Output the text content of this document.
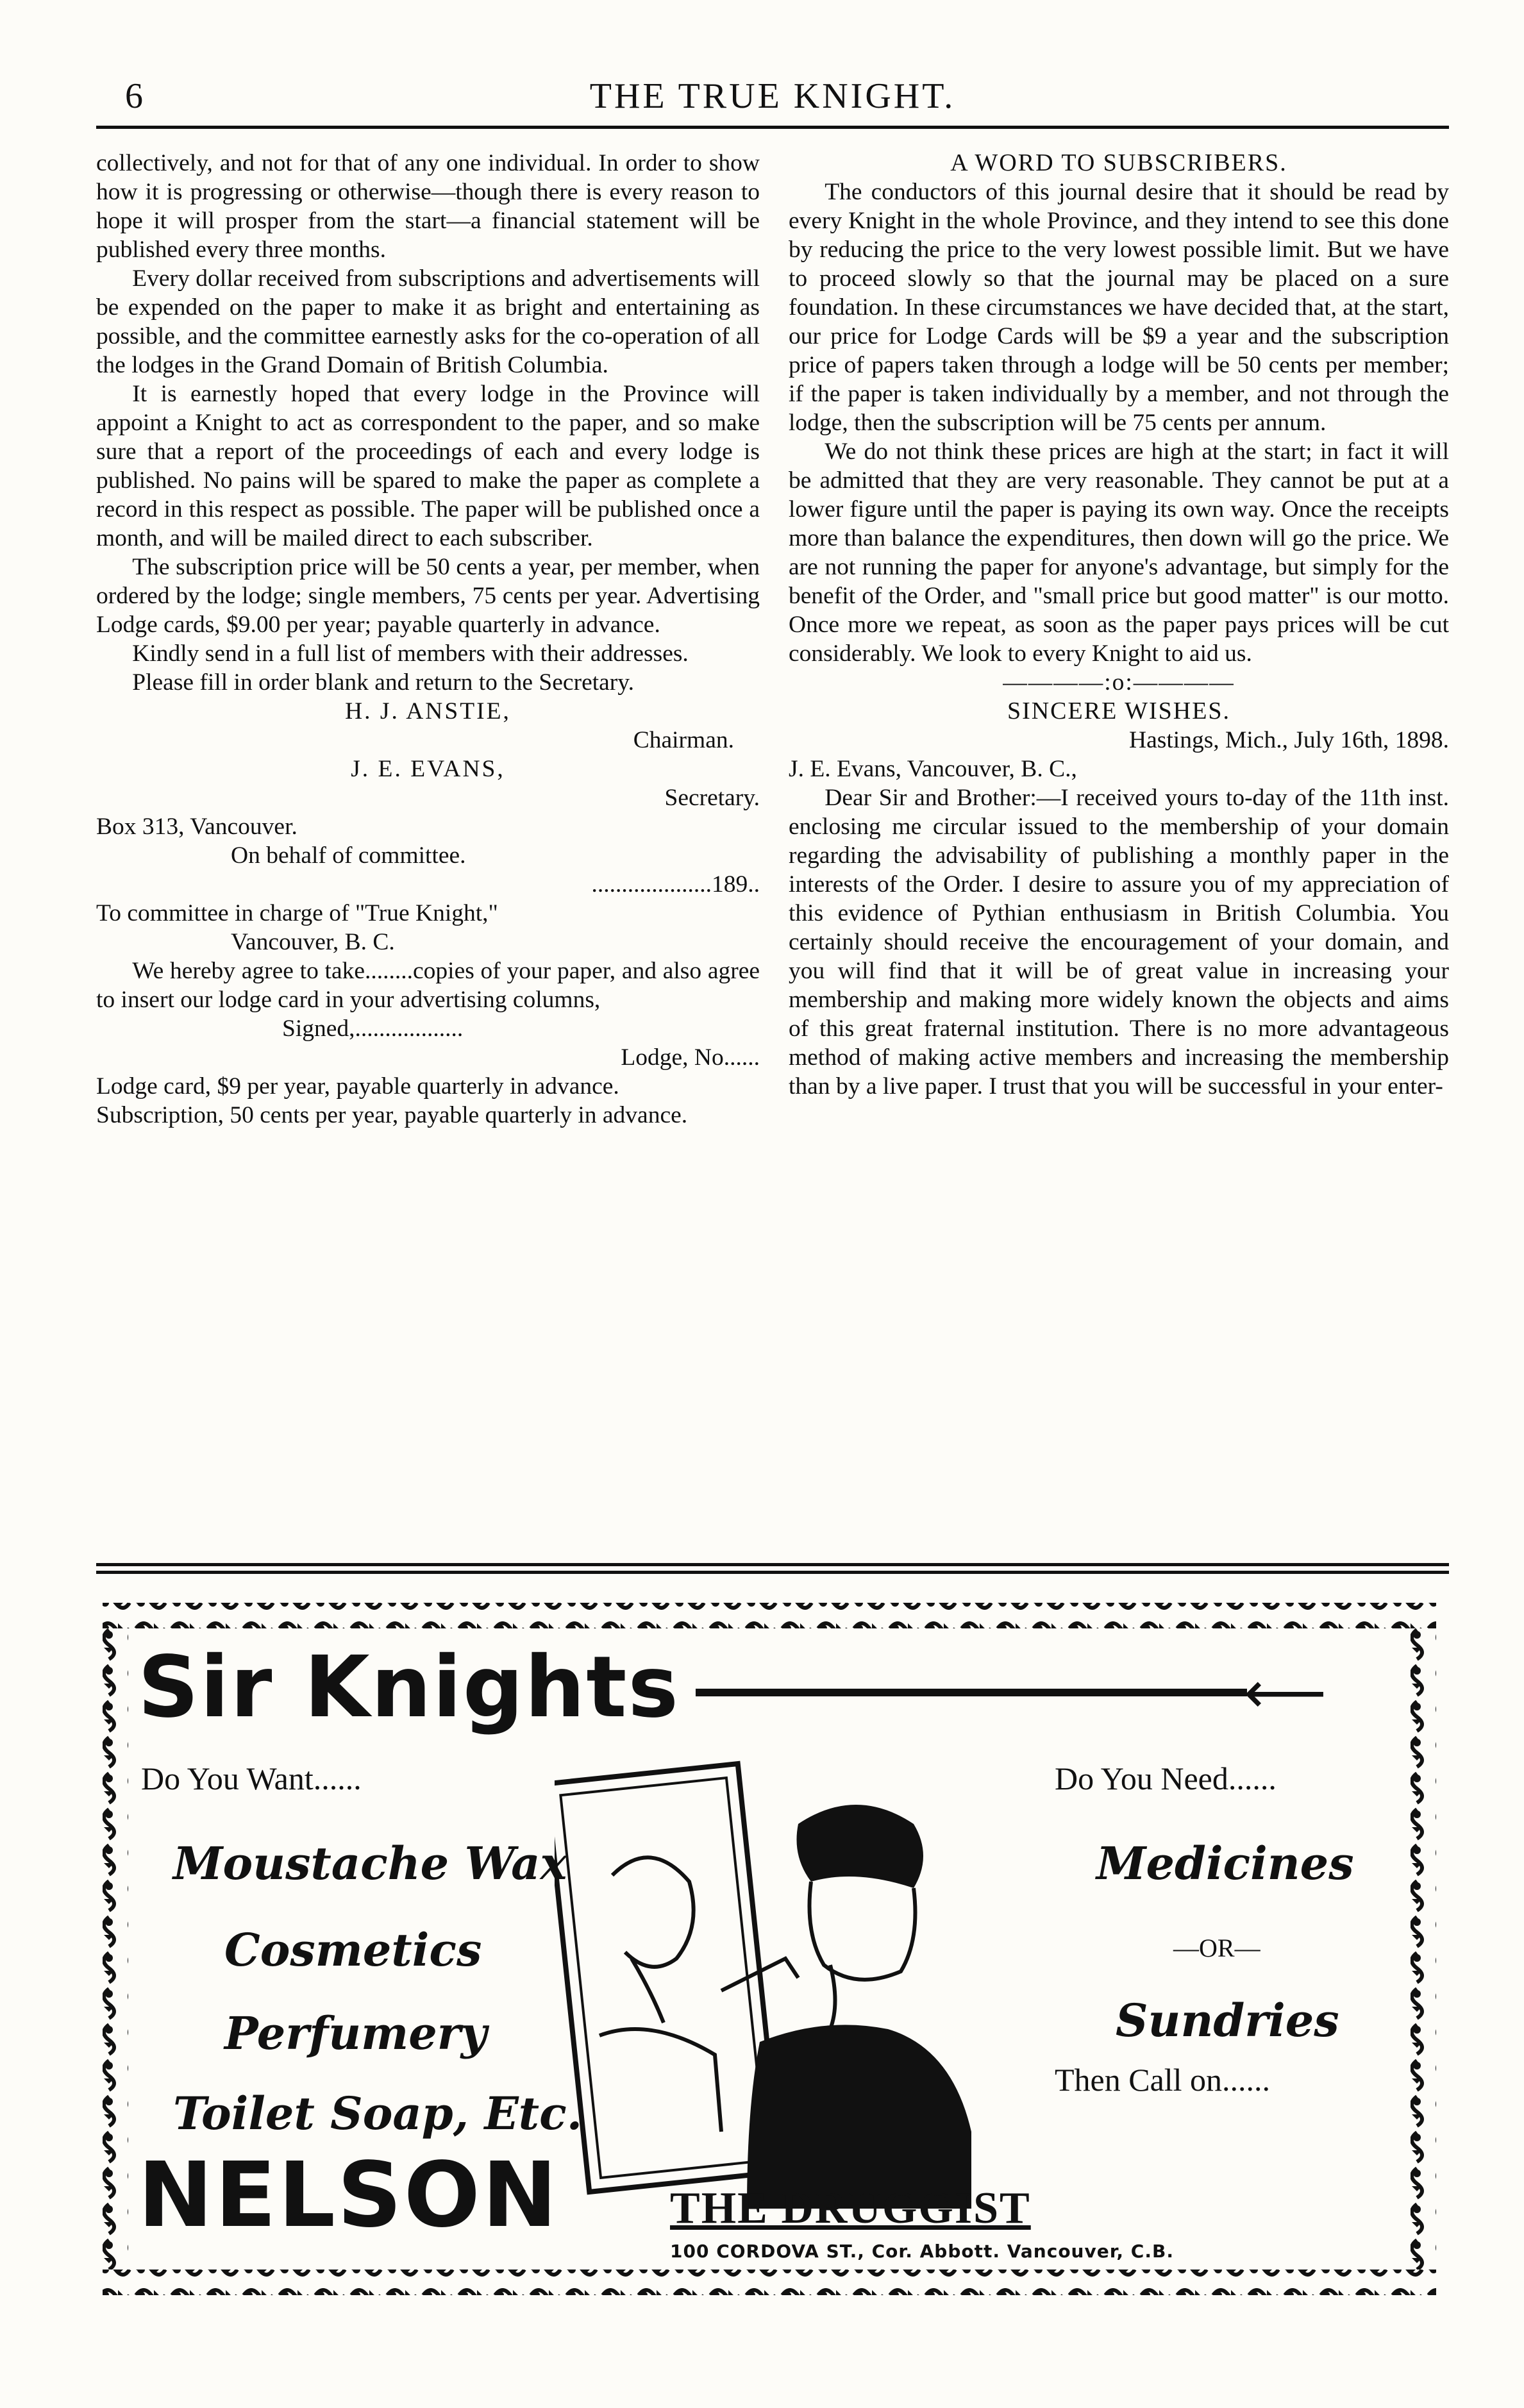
6	THE TRUE KNIGHT.

collectively, and not for that of any one individual. In order to show how it is progressing or otherwise—though there is every reason to hope it will prosper from the start—a financial statement will be published every three months.

Every dollar received from subscriptions and advertisements will be expended on the paper to make it as bright and entertaining as possible, and the committee earnestly asks for the co-operation of all the lodges in the Grand Domain of British Columbia.

It is earnestly hoped that every lodge in the Province will appoint a Knight to act as correspondent to the paper, and so make sure that a report of the proceedings of each and every lodge is published. No pains will be spared to make the paper as complete a record in this respect as possible. The paper will be published once a month, and will be mailed direct to each subscriber.

The subscription price will be 50 cents a year, per member, when ordered by the lodge; single members, 75 cents per year. Advertising Lodge cards, $9.00 per year; payable quarterly in advance.

Kindly send in a full list of members with their addresses.

Please fill in order blank and return to the Secretary.

H. J. ANSTIE,

Chairman.

J. E. EVANS,

Secretary.

Box 313, Vancouver.

On behalf of committee.

....................189..

To committee in charge of "True Knight,"

Vancouver, B. C.

We hereby agree to take........copies of your paper, and also agree to insert our lodge card in your advertising columns,

Signed,..................

Lodge, No......

Lodge card, $9 per year, payable quarterly in advance.

Subscription, 50 cents per year, payable quarterly in advance.

A WORD TO SUBSCRIBERS.

The conductors of this journal desire that it should be read by every Knight in the whole Province, and they intend to see this done by reducing the price to the very lowest possible limit. But we have to proceed slowly so that the journal may be placed on a sure foundation. In these circumstances we have decided that, at the start, our price for Lodge Cards will be $9 a year and the subscription price of papers taken through a lodge will be 50 cents per member; if the paper is taken individually by a member, and not through the lodge, then the subscription will be 75 cents per annum.

We do not think these prices are high at the start; in fact it will be admitted that they are very reasonable. They cannot be put at a lower figure until the paper is paying its own way. Once the receipts more than balance the expenditures, then down will go the price. We are not running the paper for anyone's advantage, but simply for the benefit of the Order, and "small price but good matter" is our motto. Once more we repeat, as soon as the paper pays prices will be cut considerably. We look to every Knight to aid us.

————:o:————

SINCERE WISHES.

Hastings, Mich., July 16th, 1898.

J. E. Evans, Vancouver, B. C.,

Dear Sir and Brother:—I received yours to-day of the 11th inst. enclosing me circular issued to the membership of your domain regarding the advisability of publishing a monthly paper in the interests of the Order. I desire to assure you of my appreciation of this evidence of Pythian enthusiasm in British Columbia. You certainly should receive the encouragement of your domain, and you will find that it will be of great value in increasing your membership and making more widely known the objects and aims of this great fraternal institution. There is no more advantageous method of making active members and increasing the membership than by a live paper. I trust that you will be successful in your enter-

Sir Knights	⟵
Do You Want......
Moustache Wax
Cosmetics
Perfumery
Toilet Soap, Etc.
Do You Need......
Medicines
—OR—
Sundries
Then Call on......
NELSON THE DRUGGIST
100 CORDOVA ST., Cor. Abbott. Vancouver, C.B.
